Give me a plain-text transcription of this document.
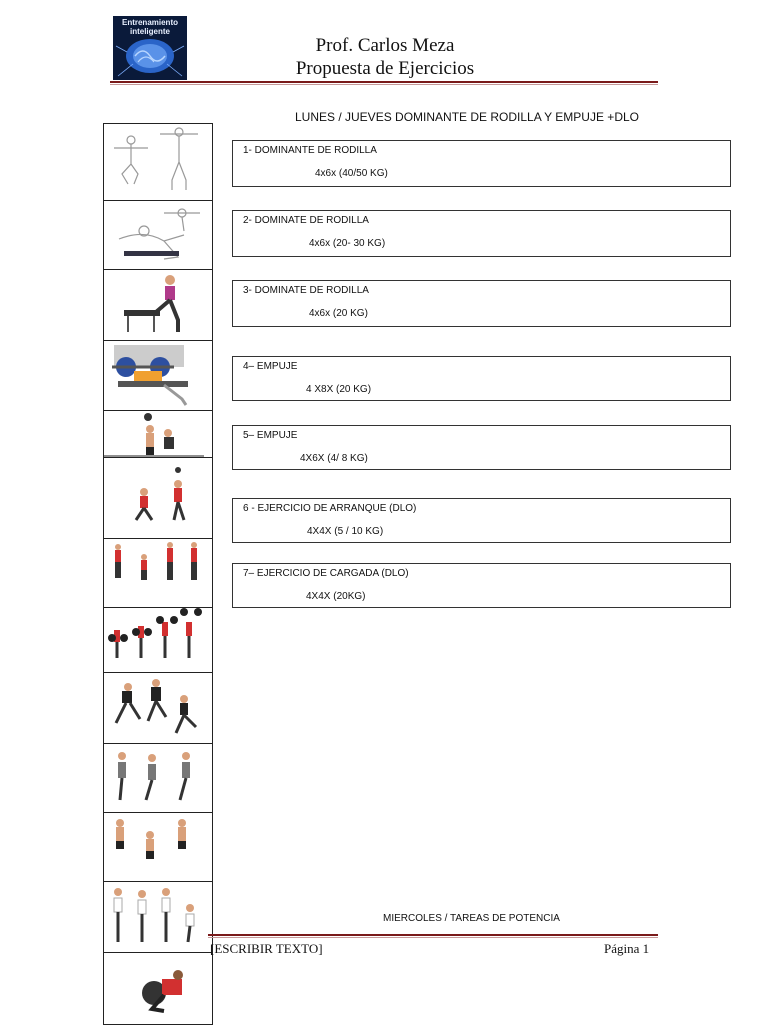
Entrenamiento inteligente
Prof. Carlos Meza
Propuesta de Ejercicios
LUNES / JUEVES DOMINANTE DE RODILLA Y EMPUJE +DLO
1- DOMINANTE DE RODILLA
4x6x (40/50 KG)
2- DOMINATE DE RODILLA
4x6x (20- 30 KG)
3- DOMINATE DE RODILLA
4x6x (20 KG)
4– EMPUJE
4 X8X (20 KG)
5– EMPUJE
4X6X (4/ 8 KG)
6 - EJERCICIO DE ARRANQUE (DLO)
4X4X (5 / 10 KG)
7– EJERCICIO DE CARGADA (DLO)
4X4X (20KG)
MIERCOLES / TAREAS DE POTENCIA
[ESCRIBIR TEXTO]	Página 1
